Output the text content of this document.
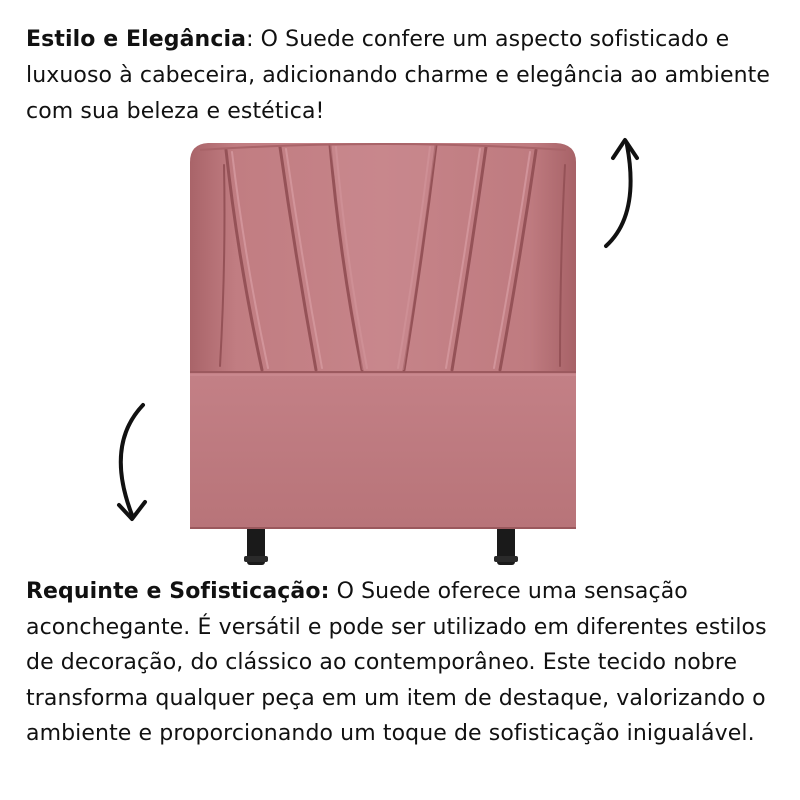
Estilo e Elegância: O Suede confere um aspecto sofisticado e luxuoso à cabeceira, adicionando charme e elegância ao ambiente com sua beleza e estética!

Requinte e Sofisticação: O Suede oferece uma sensação aconchegante. É versátil e pode ser utilizado em diferentes estilos de decoração, do clássico ao contemporâneo. Este tecido nobre transforma qualquer peça em um item de destaque, valorizando o ambiente e proporcionando um toque de sofisticação inigualável.
